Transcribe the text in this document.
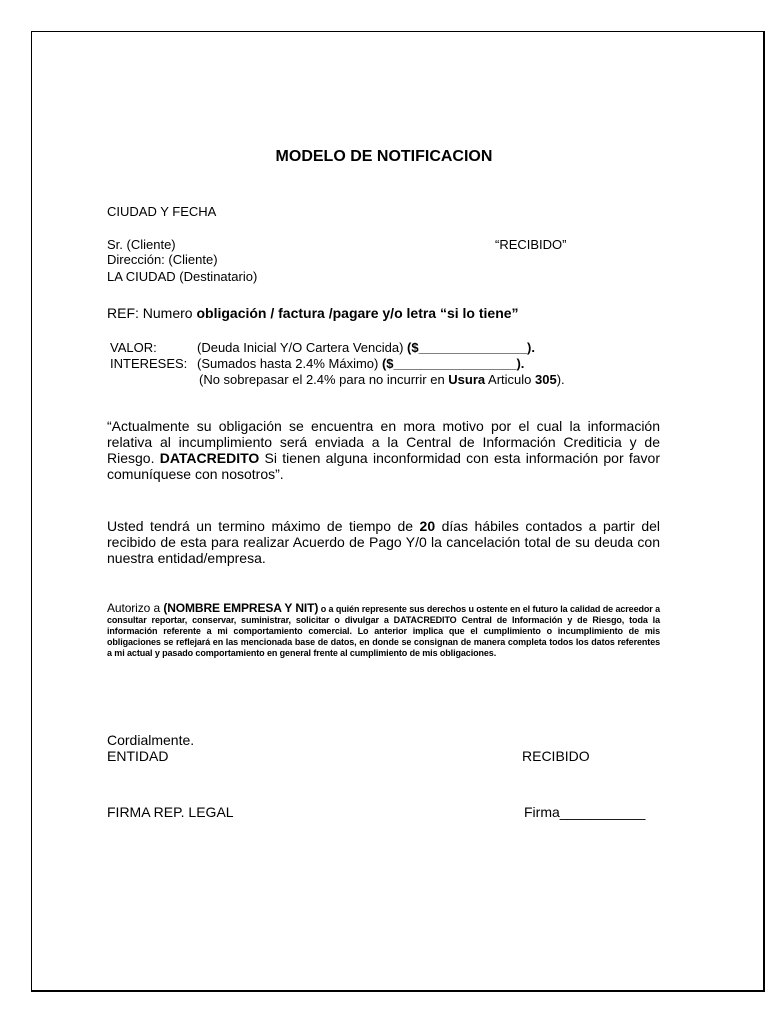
MODELO DE NOTIFICACION
CIUDAD Y FECHA
Sr. (Cliente)
Dirección: (Cliente)
LA CIUDAD (Destinatario)
“RECIBIDO”
REF: Numero obligación / factura /pagare y/o letra “si lo tiene”
VALOR:	(Deuda Inicial Y/O Cartera Vencida) ($_______________).
INTERESES: (Sumados hasta 2.4% Máximo) ($_________________).
(No sobrepasar el 2.4% para no incurrir en Usura Articulo 305).
“Actualmente su obligación se encuentra en mora motivo por el cual la información relativa al incumplimiento será enviada a la Central de Información Crediticia y de Riesgo. DATACREDITO Si tienen alguna inconformidad con esta información por favor comuníquese con nosotros”.
Usted tendrá un termino máximo de tiempo de 20 días hábiles contados a partir del recibido de esta para realizar Acuerdo de Pago Y/0 la cancelación total de su deuda con nuestra entidad/empresa.
Autorizo a (NOMBRE EMPRESA Y NIT) o a quién represente sus derechos u ostente en el futuro la calidad de acreedor a consultar reportar, conservar, suministrar, solicitar o divulgar a DATACREDITO Central de Información y de Riesgo, toda la información referente a mi comportamiento comercial. Lo anterior implica que el cumplimiento o incumplimiento de mis obligaciones se reflejará en las mencionada base de datos, en donde se consignan de manera completa todos los datos referentes a mi actual y pasado comportamiento en general frente al cumplimiento de mis obligaciones.
Cordialmente.
ENTIDAD	RECIBIDO
FIRMA REP. LEGAL	Firma___________
